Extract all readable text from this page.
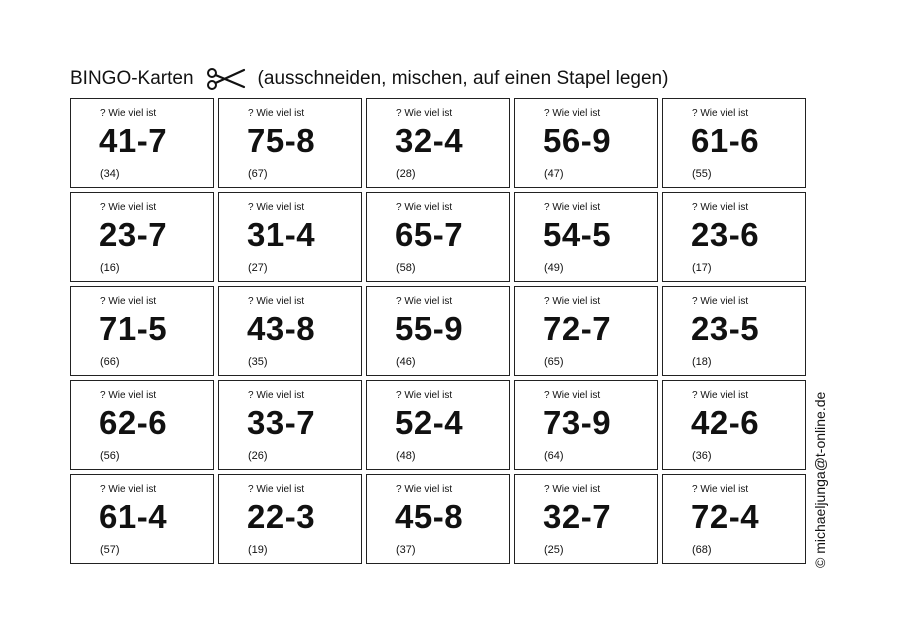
BINGO-Karten	(ausschneiden, mischen, auf einen Stapel legen)
? Wie viel ist
41-7
(34)
? Wie viel ist
75-8
(67)
? Wie viel ist
32-4
(28)
? Wie viel ist
56-9
(47)
? Wie viel ist
61-6
(55)
? Wie viel ist
23-7
(16)
? Wie viel ist
31-4
(27)
? Wie viel ist
65-7
(58)
? Wie viel ist
54-5
(49)
? Wie viel ist
23-6
(17)
? Wie viel ist
71-5
(66)
? Wie viel ist
43-8
(35)
? Wie viel ist
55-9
(46)
? Wie viel ist
72-7
(65)
? Wie viel ist
23-5
(18)
? Wie viel ist
62-6
(56)
? Wie viel ist
33-7
(26)
? Wie viel ist
52-4
(48)
? Wie viel ist
73-9
(64)
? Wie viel ist
42-6
(36)
? Wie viel ist
61-4
(57)
? Wie viel ist
22-3
(19)
? Wie viel ist
45-8
(37)
? Wie viel ist
32-7
(25)
? Wie viel ist
72-4
(68)	© michaeljunga@t-online.de
